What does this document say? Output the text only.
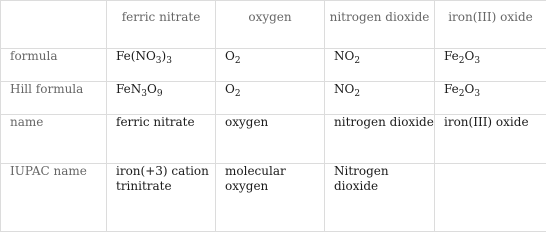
	ferric nitrate	oxygen	nitrogen dioxide	iron(III) oxide
formula	$Fe(NO_3)_3$	$O_2$	$NO_2$	$Fe_2O_3$
Hill formula	$FeN_3O_9$	$O_2$	$NO_2$	$Fe_2O_3$
name	ferric nitrate	oxygen	nitrogen dioxide	iron(III) oxide
IUPAC name	iron(+3) cation trinitrate	molecular oxygen	Nitrogen dioxide	
